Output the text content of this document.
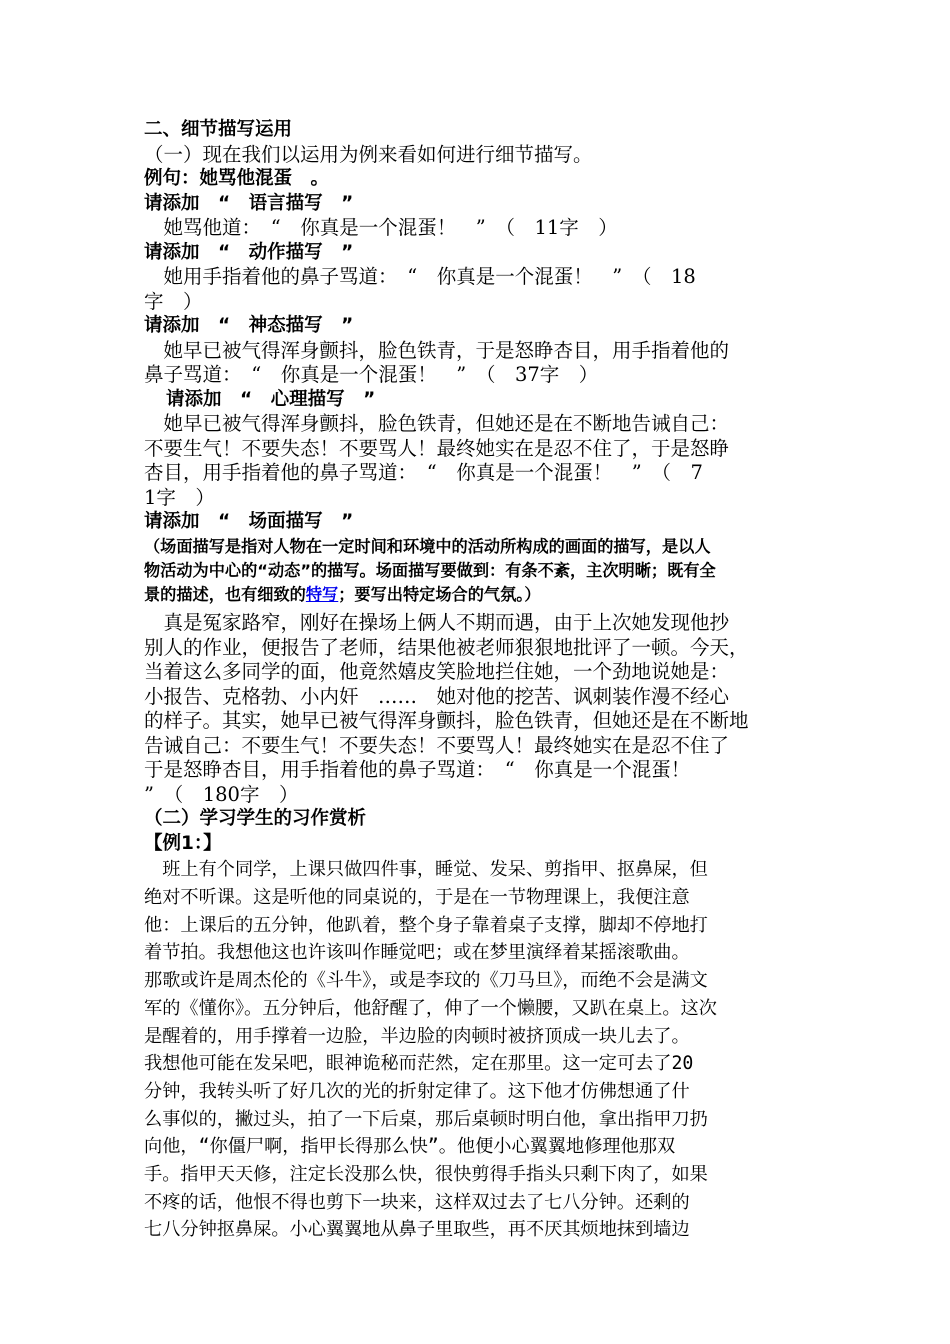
二、细节描写运用
（一）现在我们以运用为例来看如何进行细节描写。
例句：她骂他混蛋　。
请添加　“　语言描写　”
　她骂他道：　“　你真是一个混蛋！　”　（　11字　）
请添加　“　动作描写　”
　她用手指着他的鼻子骂道：　“　你真是一个混蛋！　”　（　18
字　）
请添加　“　神态描写　”
　她早已被气得浑身颤抖，脸色铁青，于是怒睁杏目，用手指着他的
鼻子骂道：　“　你真是一个混蛋！　”　（　37字　）
请添加　“　心理描写　”
　她早已被气得浑身颤抖，脸色铁青，但她还是在不断地告诫自己：
不要生气！不要失态！不要骂人！最终她实在是忍不住了，于是怒睁
杏目，用手指着他的鼻子骂道：　“　你真是一个混蛋！　”　（　7
1字　）
请添加　“　场面描写　”
（场面描写是指对人物在一定时间和环境中的活动所构成的画面的描写，是以人
物活动为中心的“动态”的描写。场面描写要做到：有条不紊，主次明晰；既有全
景的描述，也有细致的特写；要写出特定场合的气氛。）
　真是冤家路窄，刚好在操场上俩人不期而遇，由于上次她发现他抄
别人的作业，便报告了老师，结果他被老师狠狠地批评了一顿。今天，
当着这么多同学的面，他竟然嬉皮笑脸地拦住她，一个劲地说她是：
小报告、克格勃、小内奸　……　她对他的挖苦、讽刺装作漫不经心
的样子。其实，她早已被气得浑身颤抖，脸色铁青，但她还是在不断地
告诫自己：不要生气！不要失态！不要骂人！最终她实在是忍不住了
于是怒睁杏目，用手指着他的鼻子骂道：　“　你真是一个混蛋！
”　（　180字　）
（二）学习学生的习作赏析
【例1：】
　班上有个同学，上课只做四件事，睡觉、发呆、剪指甲、抠鼻屎，但
绝对不听课。这是听他的同桌说的，于是在一节物理课上，我便注意
他：上课后的五分钟，他趴着，整个身子靠着桌子支撑，脚却不停地打
着节拍。我想他这也许该叫作睡觉吧；或在梦里演绎着某摇滚歌曲。
那歌或许是周杰伦的《斗牛》，或是李玟的《刀马旦》，而绝不会是满文
军的《懂你》。五分钟后，他舒醒了，伸了一个懒腰，又趴在桌上。这次
是醒着的，用手撑着一边脸，半边脸的肉顿时被挤顶成一块儿去了。
我想他可能在发呆吧，眼神诡秘而茫然，定在那里。这一定可去了20
分钟，我转头听了好几次的光的折射定律了。这下他才仿佛想通了什
么事似的，撇过头，拍了一下后桌，那后桌顿时明白他，拿出指甲刀扔
向他，“你僵尸啊，指甲长得那么快”。他便小心翼翼地修理他那双
手。指甲天天修，注定长没那么快，很快剪得手指头只剩下肉了，如果
不疼的话，他恨不得也剪下一块来，这样双过去了七八分钟。还剩的
七八分钟抠鼻屎。小心翼翼地从鼻子里取些，再不厌其烦地抹到墙边
